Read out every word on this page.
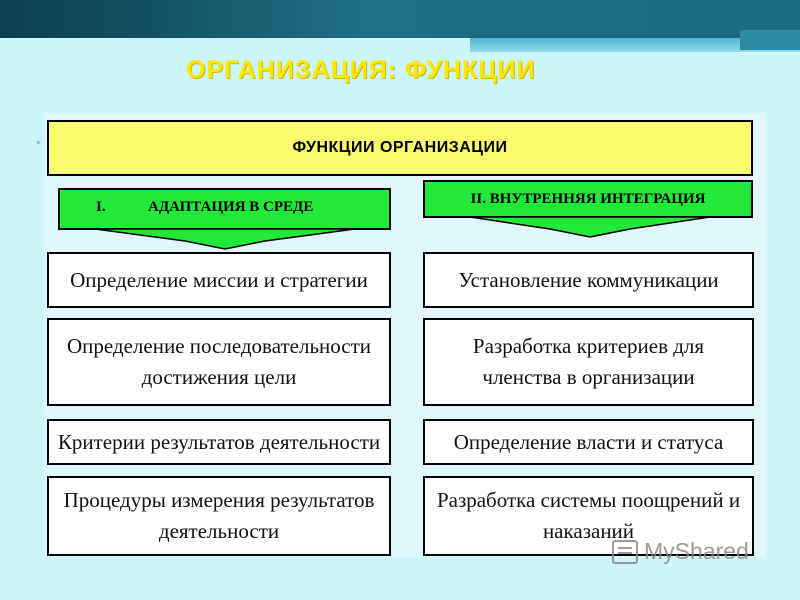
ОРГАНИЗАЦИЯ: ФУНКЦИИ
•	ФУНКЦИИ ОРГАНИЗАЦИИ
I.	АДАПТАЦИЯ В СРЕДЕ
II. ВНУТРЕННЯЯ ИНТЕГРАЦИЯ
Определение миссии и стратегии
Определение последовательности достижения цели
Критерии результатов деятельности
Процедуры измерения результатов деятельности
Установление коммуникации
Разработка критериев для членства в организации
Определение власти и статуса
Разработка системы поощрений и наказаний
MyShared
